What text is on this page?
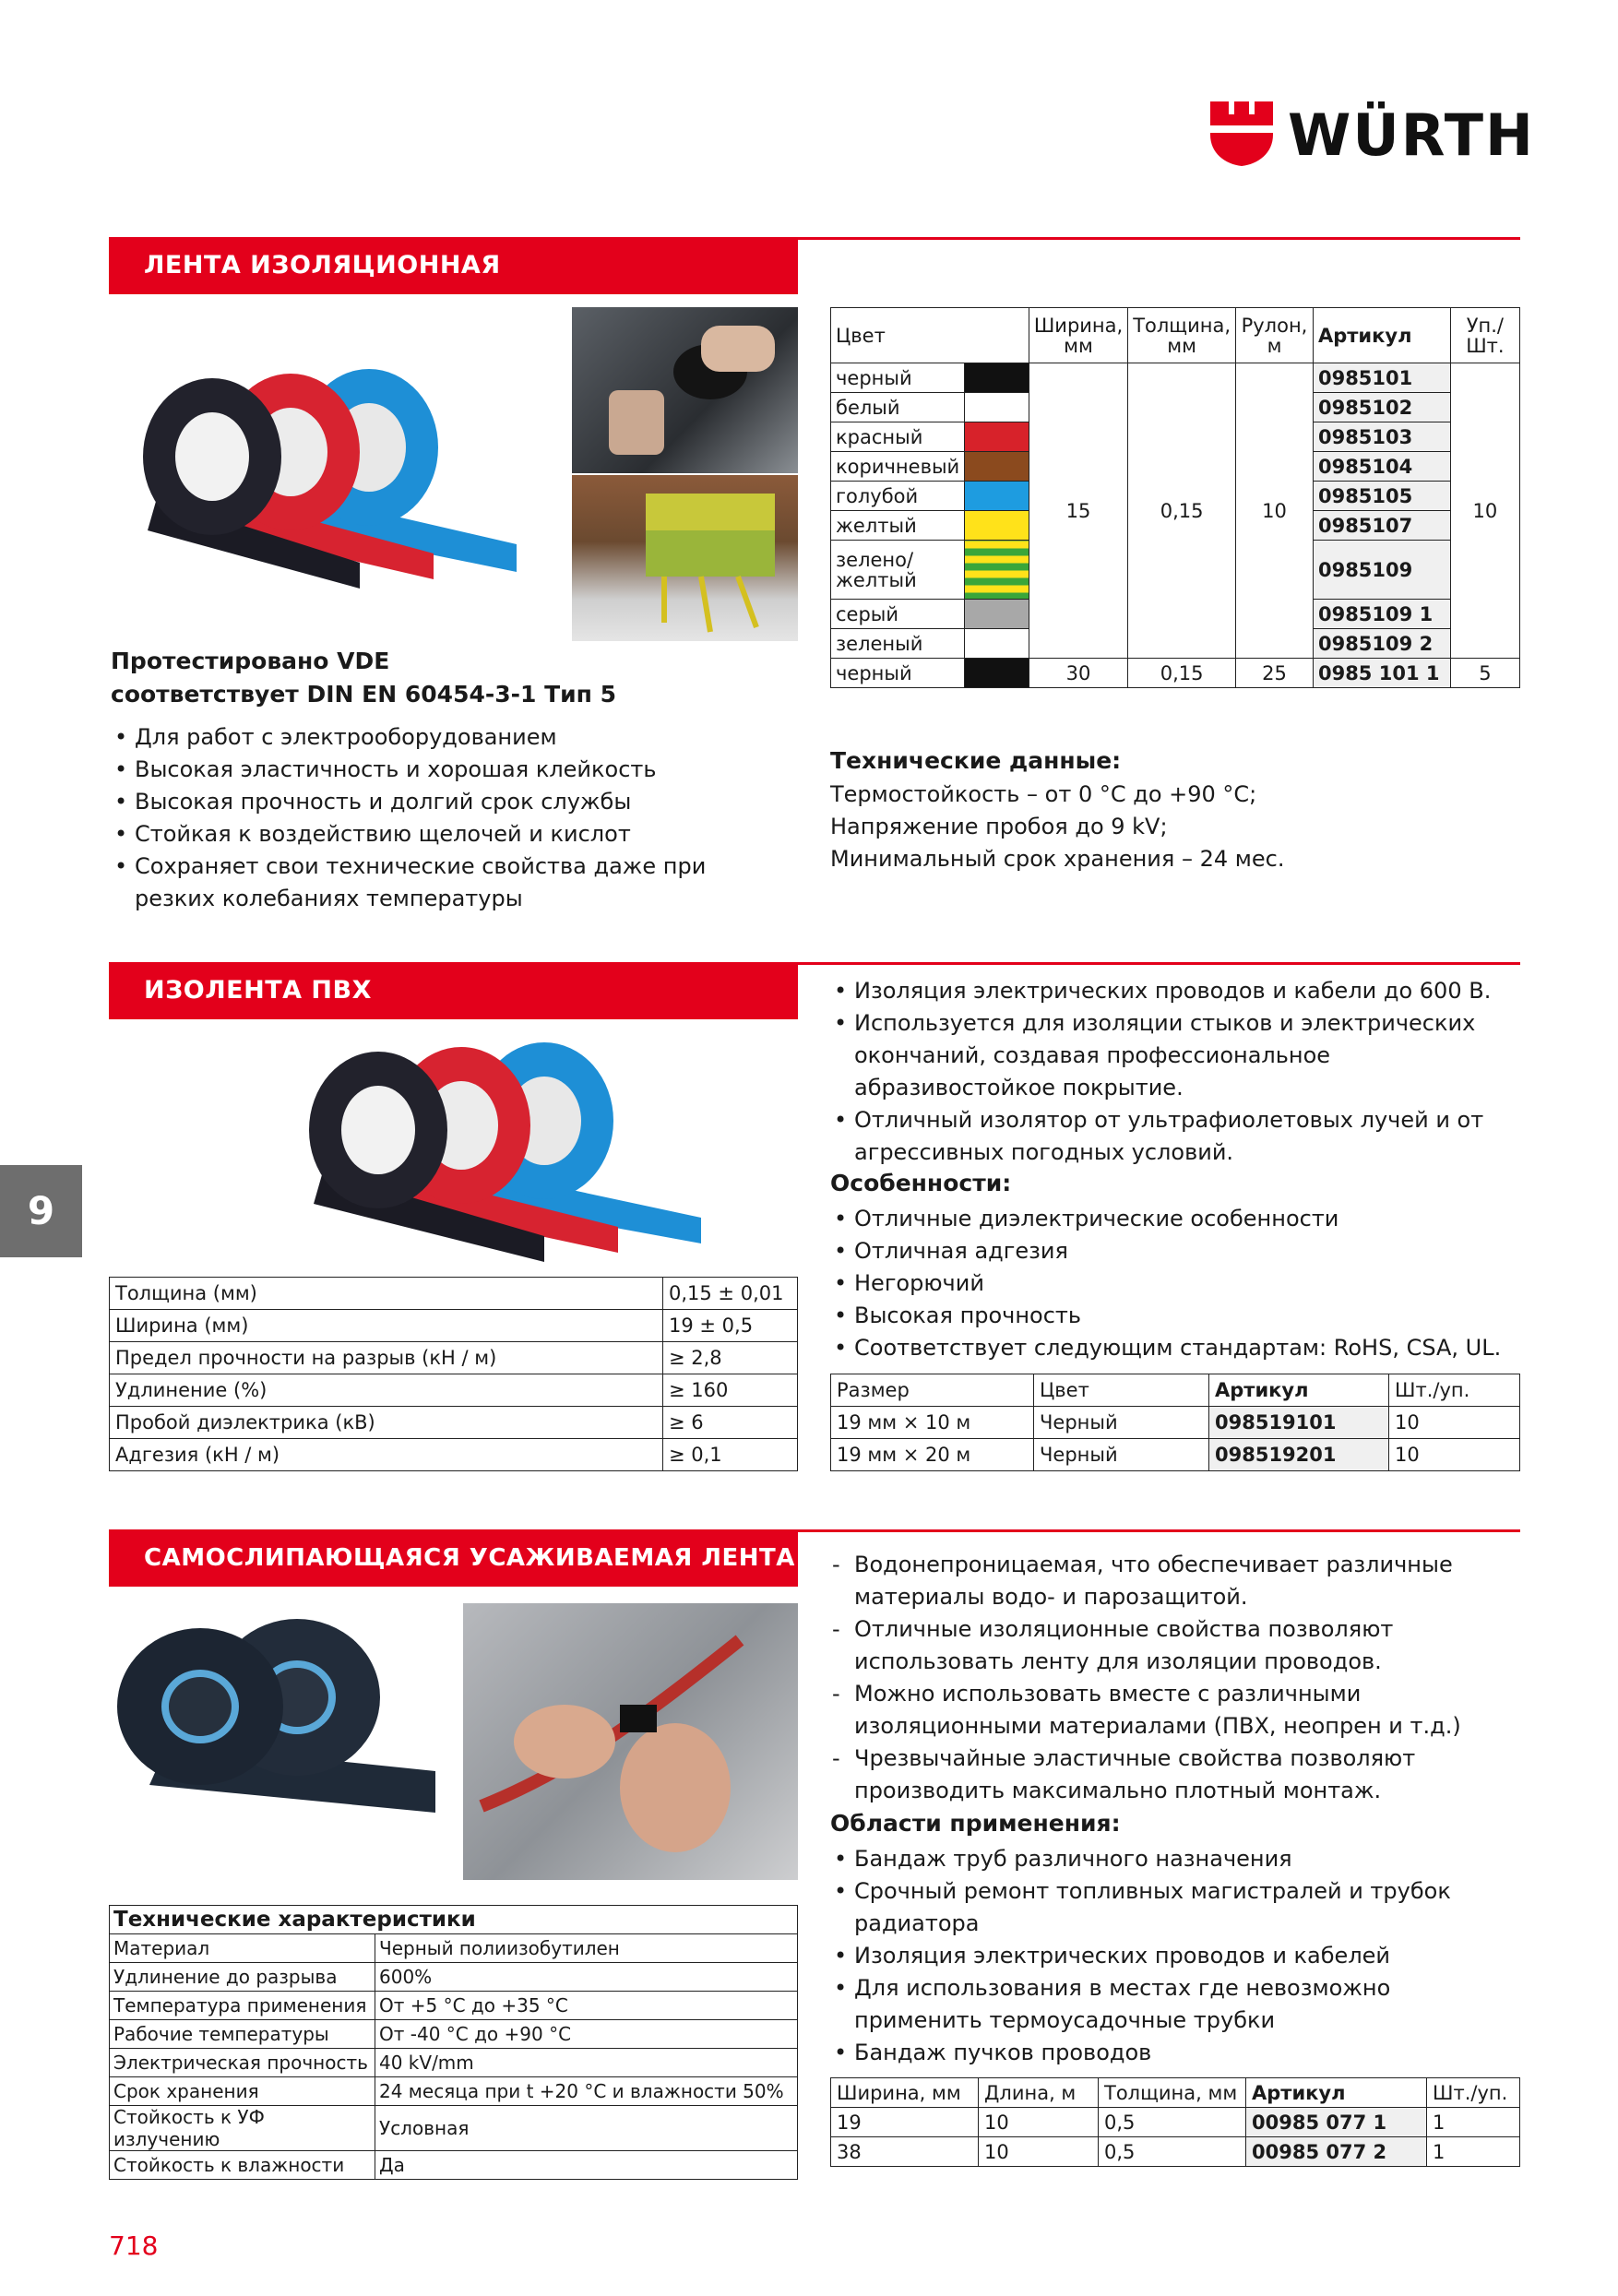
WÜRTH
ЛЕНТА ИЗОЛЯЦИОННАЯ
Протестировано VDE
соответствует DIN EN 60454-3-1 Тип 5
• Для работ с электрооборудованием
• Высокая эластичность и хорошая клейкость
• Высокая прочность и долгий срок службы
• Стойкая к воздействию щелочей и кислот
• Сохраняет свои технические свойства даже при резких колебаниях температуры
Цвет		Ширина, мм	Толщина, мм	Рулон, м	Артикул	Уп./ Шт.
черный		15	0,15	10	0985101	10
белый					0985102	
красный					0985103	
коричневый					0985104	
голубой					0985105	
желтый					0985107	
зелено/ желтый					0985109	
серый					0985109 1	
зеленый					0985109 2	
черный		30	0,15	25	0985 101 1	5
Технические данные:
Термостойкость – от 0 °C до +90 °C;
Напряжение пробоя до 9 kV;
Минимальный срок хранения – 24 мес.
ИЗОЛЕНТА ПВХ
9
Толщина (мм)	0,15 ± 0,01
Ширина (мм)	19 ± 0,5
Предел прочности на разрыв (кН / м)	≥ 2,8
Удлинение (%)	≥ 160
Пробой диэлектрика (кВ)	≥ 6
Адгезия (кН / м)	≥ 0,1
• Изоляция электрических проводов и кабели до 600 В.
• Используется для изоляции стыков и электрических окончаний, создавая профессиональное абразивостойкое покрытие.
• Отличный изолятор от ультрафиолетовых лучей и от агрессивных погодных условий.
Особенности:
• Отличные диэлектрические особенности
• Отличная адгезия
• Негорючий
• Высокая прочность
• Соответствует следующим стандартам: RoHS, CSA, UL.
Размер	Цвет	Артикул	Шт./уп.
19 мм × 10 м	Черный	098519101	10
19 мм × 20 м	Черный	098519201	10
САМОСЛИПАЮЩАЯСЯ УСАЖИВАЕМАЯ ЛЕНТА
Технические характеристики	
Материал	Черный полиизобутилен
Удлинение до разрыва	600%
Температура применения	От +5 °C до +35 °C
Рабочие температуры	От -40 °C до +90 °C
Электрическая прочность	40 kV/mm
Срок хранения	24 месяца при t +20 °C и влажности 50%
Стойкость к УФ излучению	Условная
Стойкость к влажности	Да
- Водонепроницаемая, что обеспечивает различные материалы водо- и парозащитой.
- Отличные изоляционные свойства позволяют использовать ленту для изоляции проводов.
- Можно использовать вместе с различными изоляционными материалами (ПВХ, неопрен и т.д.)
- Чрезвычайные эластичные свойства позволяют производить максимально плотный монтаж.
Области применения:
• Бандаж труб различного назначения
• Срочный ремонт топливных магистралей и трубок радиатора
• Изоляция электрических проводов и кабелей
• Для использования в местах где невозможно применить термоусадочные трубки
• Бандаж пучков проводов
Ширина, мм	Длина, м	Толщина, мм	Артикул	Шт./уп.
19	10	0,5	00985 077 1	1
38	10	0,5	00985 077 2	1
718
